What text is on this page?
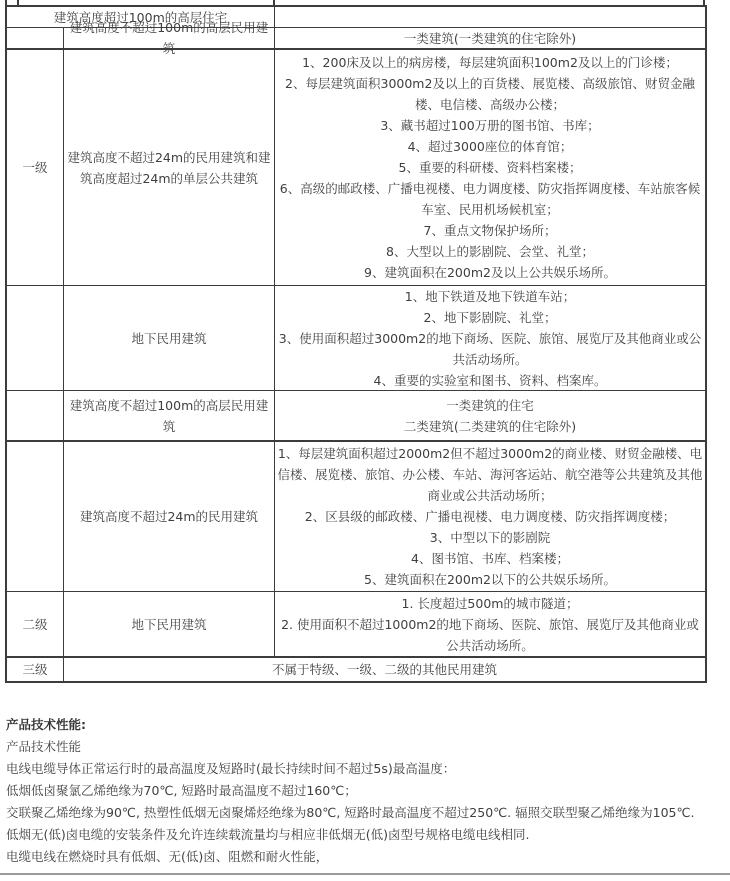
建筑高度超过100m的高层住宅
建筑高度不超过100m的高层民用建筑
一类建筑(一类建筑的住宅除外)
一级
建筑高度不超过24m的民用建筑和建筑高度超过24m的单层公共建筑
1、200床及以上的病房楼，每层建筑面积100m2及以上的门诊楼；
2、每层建筑面积3000m2及以上的百货楼、展览楼、高级旅馆、财贸金融楼、电信楼、高级办公楼；
3、藏书超过100万册的图书馆、书库；
4、超过3000座位的体育馆；
5、重要的科研楼、资料档案楼；
6、高级的邮政楼、广播电视楼、电力调度楼、防灾指挥调度楼、车站旅客候车室、民用机场候机室；
7、重点文物保护场所；
8、大型以上的影剧院、会堂、礼堂；
9、建筑面积在200m2及以上公共娱乐场所。
地下民用建筑
1、地下铁道及地下铁道车站；
2、地下影剧院、礼堂；
3、使用面积超过3000m2的地下商场、医院、旅馆、展览厅及其他商业或公共活动场所。
4、重要的实验室和图书、资料、档案库。
建筑高度不超过100m的高层民用建筑
一类建筑的住宅
二类建筑(二类建筑的住宅除外)
建筑高度不超过24m的民用建筑
1、每层建筑面积超过2000m2但不超过3000m2的商业楼、财贸金融楼、电信楼、展览楼、旅馆、办公楼、车站、海河客运站、航空港等公共建筑及其他商业或公共活动场所；
2、区县级的邮政楼、广播电视楼、电力调度楼、防灾指挥调度楼；
3、中型以下的影剧院
4、图书馆、书库、档案楼；
5、建筑面积在200m2以下的公共娱乐场所。
二级	地下民用建筑
1. 长度超过500m的城市隧道；
2. 使用面积不超过1000m2的地下商场、医院、旅馆、展览厅及其他商业或公共活动场所。
三级	不属于特级、一级、二级的其他民用建筑
产品技术性能:
产品技术性能
电线电缆导体正常运行时的最高温度及短路时(最长持续时间不超过5s)最高温度：
低烟低卤聚氯乙烯绝缘为70℃, 短路时最高温度不超过160℃；
交联聚乙烯绝缘为90℃, 热塑性低烟无卤聚烯烃绝缘为80℃, 短路时最高温度不超过250℃. 辐照交联型聚乙烯绝缘为105℃.
低烟无(低)卤电缆的安装条件及允许连续载流量均与相应非低烟无(低)卤型号规格电缆电线相同.
电缆电线在燃烧时具有低烟、无(低)卤、阻燃和耐火性能，
